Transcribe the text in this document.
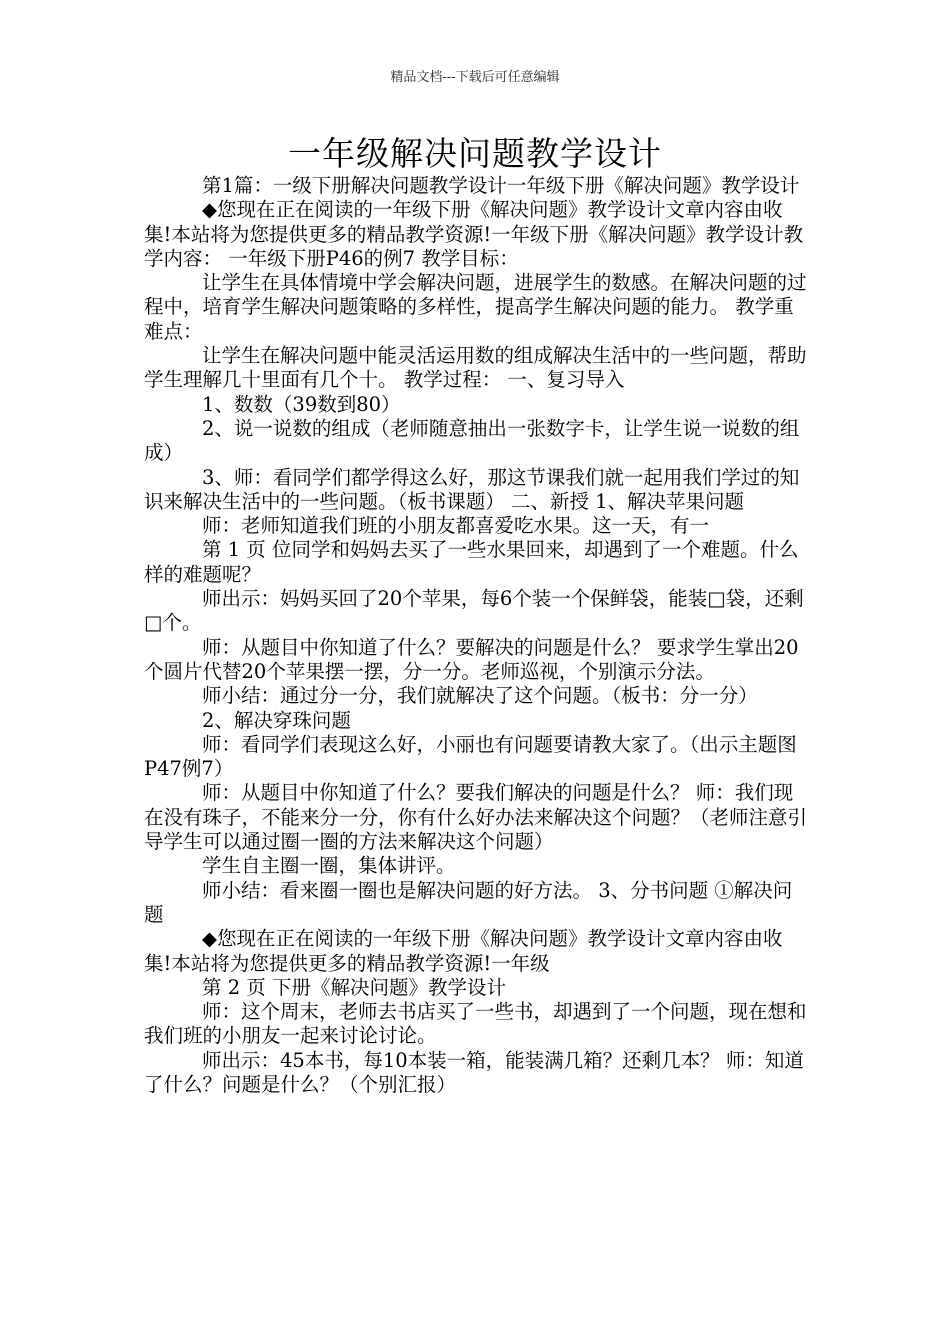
精品文档---下载后可任意编辑
一年级解决问题教学设计

第1篇：一级下册解决问题教学设计一年级下册《解决问题》教学设计

◆您现在正在阅读的一年级下册《解决问题》教学设计文章内容由收集!本站将为您提供更多的精品教学资源!一年级下册《解决问题》教学设计教学内容： 一年级下册P46的例7 教学目标：

让学生在具体情境中学会解决问题，进展学生的数感。在解决问题的过程中，培育学生解决问题策略的多样性，提高学生解决问题的能力。 教学重难点：

让学生在解决问题中能灵活运用数的组成解决生活中的一些问题，帮助学生理解几十里面有几个十。 教学过程： 一、复习导入

1、数数（39数到80）

2、说一说数的组成（老师随意抽出一张数字卡，让学生说一说数的组成）

3、师：看同学们都学得这么好，那这节课我们就一起用我们学过的知识来解决生活中的一些问题。（板书课题） 二、新授 1、解决苹果问题

师：老师知道我们班的小朋友都喜爱吃水果。这一天，有一

第 1 页 位同学和妈妈去买了一些水果回来，却遇到了一个难题。什么样的难题呢？

师出示：妈妈买回了20个苹果，每6个装一个保鲜袋，能装□袋，还剩□个。

师：从题目中你知道了什么？要解决的问题是什么？ 要求学生掌出20个圆片代替20个苹果摆一摆，分一分。老师巡视，个别演示分法。

师小结：通过分一分，我们就解决了这个问题。（板书：分一分）

2、解决穿珠问题

师：看同学们表现这么好，小丽也有问题要请教大家了。（出示主题图P47例7）

师：从题目中你知道了什么？要我们解决的问题是什么？ 师：我们现在没有珠子，不能来分一分，你有什么好办法来解决这个问题？（老师注意引导学生可以通过圈一圈的方法来解决这个问题）

学生自主圈一圈，集体讲评。

师小结：看来圈一圈也是解决问题的好方法。 3、分书问题 ①解决问题

◆您现在正在阅读的一年级下册《解决问题》教学设计文章内容由收集!本站将为您提供更多的精品教学资源!一年级

第 2 页 下册《解决问题》教学设计

师：这个周末，老师去书店买了一些书，却遇到了一个问题，现在想和我们班的小朋友一起来讨论讨论。

师出示：45本书，每10本装一箱，能装满几箱？还剩几本？ 师：知道了什么？问题是什么？（个别汇报）
